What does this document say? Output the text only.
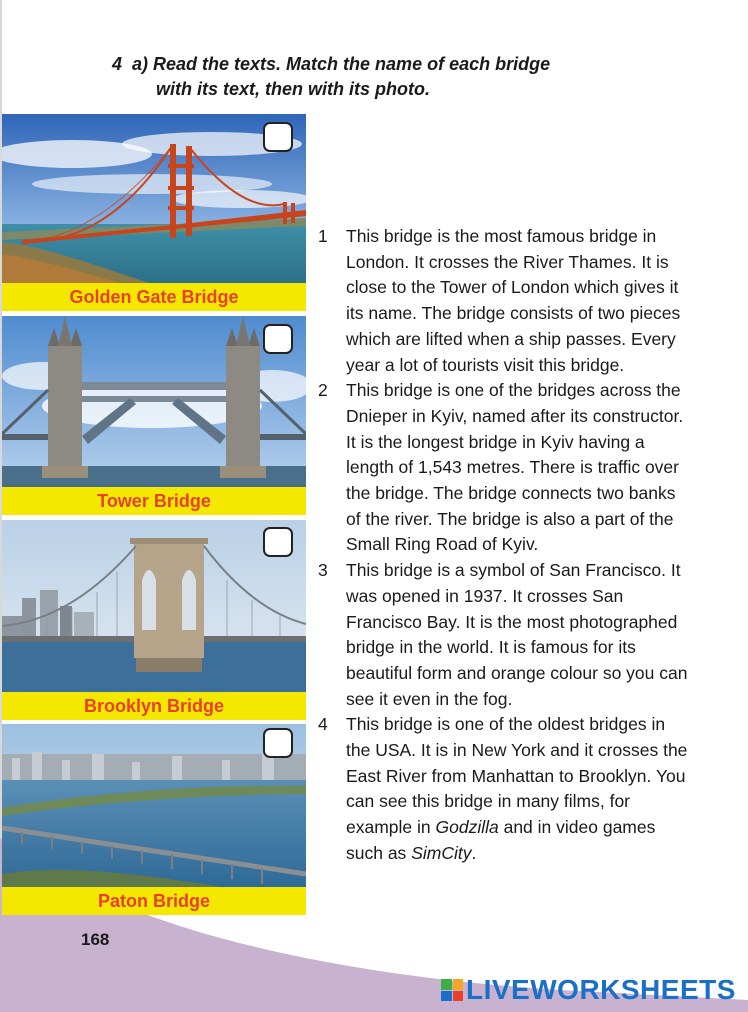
4 a) Read the texts. Match the name of each bridge
with its text, then with its photo.
Golden Gate Bridge
Tower Bridge
Brooklyn Bridge
Paton Bridge
1	This bridge is the most famous bridge in London. It crosses the River Thames. It is close to the Tower of London which gives it its name. The bridge consists of two pieces which are lifted when a ship passes. Every year a lot of tourists visit this bridge.
2	This bridge is one of the bridges across the Dnieper in Kyiv, named after its constructor. It is the longest bridge in Kyiv having a length of 1,543 metres. There is traffic over the bridge. The bridge connects two banks of the river. The bridge is also a part of the Small Ring Road of Kyiv.
3	This bridge is a symbol of San Francisco. It was opened in 1937. It crosses San Francisco Bay. It is the most photographed bridge in the world. It is famous for its beautiful form and orange colour so you can see it even in the fog.
4	This bridge is one of the oldest bridges in the USA. It is in New York and it crosses the East River from Manhattan to Brooklyn. You can see this bridge in many films, for example in Godzilla and in video games such as SimCity.
168
LIVEWORKSHEETS
